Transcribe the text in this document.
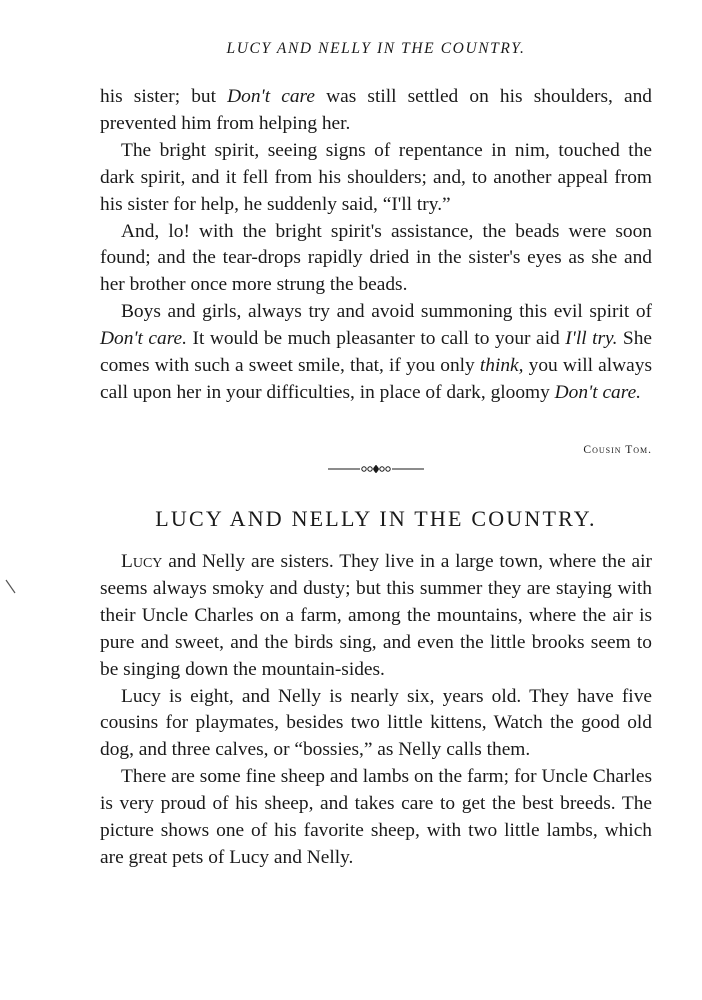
LUCY AND NELLY IN THE COUNTRY.

his sister; but Don't care was still settled on his shoulders, and prevented him from helping her.

The bright spirit, seeing signs of repentance in nim, touched the dark spirit, and it fell from his shoulders; and, to another appeal from his sister for help, he suddenly said, “I'll try.”

And, lo! with the bright spirit's assistance, the beads were soon found; and the tear-drops rapidly dried in the sister's eyes as she and her brother once more strung the beads.

Boys and girls, always try and avoid summoning this evil spirit of Don't care. It would be much pleasanter to call to your aid I'll try. She comes with such a sweet smile, that, if you only think, you will always call upon her in your difficulties, in place of dark, gloomy Don't care.

Cousin Tom.
LUCY AND NELLY IN THE COUNTRY.

Lucy and Nelly are sisters. They live in a large town, where the air seems always smoky and dusty; but this summer they are staying with their Uncle Charles on a farm, among the mountains, where the air is pure and sweet, and the birds sing, and even the little brooks seem to be singing down the mountain-sides.

Lucy is eight, and Nelly is nearly six, years old. They have five cousins for playmates, besides two little kittens, Watch the good old dog, and three calves, or “bossies,” as Nelly calls them.

There are some fine sheep and lambs on the farm; for Uncle Charles is very proud of his sheep, and takes care to get the best breeds. The picture shows one of his favorite sheep, with two little lambs, which are great pets of Lucy and Nelly.
